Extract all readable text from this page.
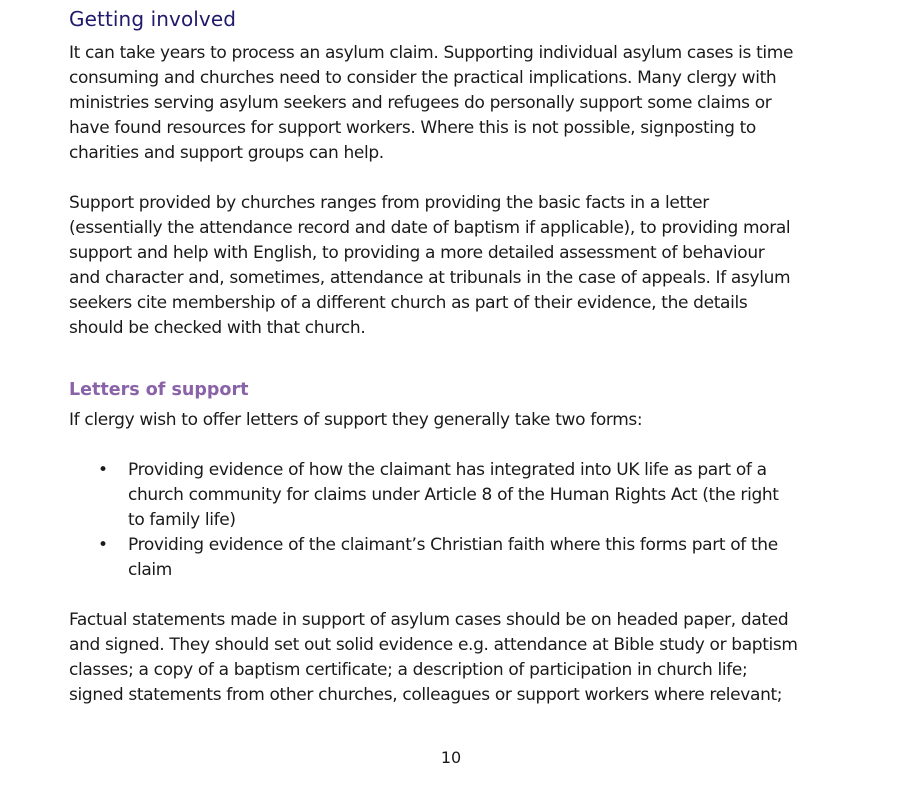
Getting involved

It can take years to process an asylum claim. Supporting individual asylum cases is time
consuming and churches need to consider the practical implications. Many clergy with
ministries serving asylum seekers and refugees do personally support some claims or
have found resources for support workers. Where this is not possible, signposting to
charities and support groups can help.

Support provided by churches ranges from providing the basic facts in a letter
(essentially the attendance record and date of baptism if applicable), to providing moral
support and help with English, to providing a more detailed assessment of behaviour
and character and, sometimes, attendance at tribunals in the case of appeals. If asylum
seekers cite membership of a different church as part of their evidence, the details
should be checked with that church.

Letters of support

If clergy wish to offer letters of support they generally take two forms:

• Providing evidence of how the claimant has integrated into UK life as part of a
church community for claims under Article 8 of the Human Rights Act (the right
to family life)
• Providing evidence of the claimant’s Christian faith where this forms part of the
claim

Factual statements made in support of asylum cases should be on headed paper, dated
and signed. They should set out solid evidence e.g. attendance at Bible study or baptism
classes; a copy of a baptism certificate; a description of participation in church life;
signed statements from other churches, colleagues or support workers where relevant;

10
